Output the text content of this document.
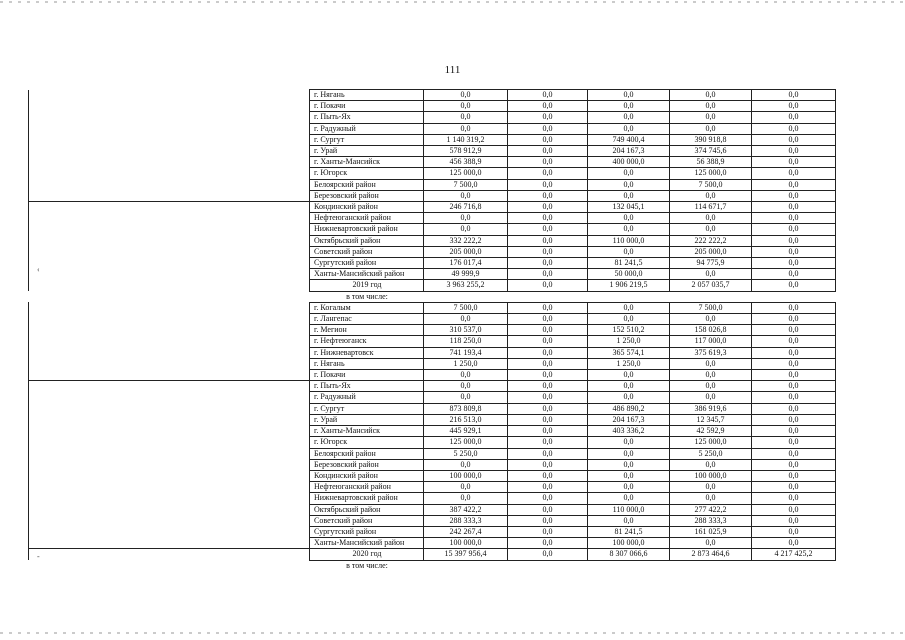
111
	г. Нягань	0,0	0,0	0,0	0,0	0,0
	г. Покачи	0,0	0,0	0,0	0,0	0,0
	г. Пыть-Ях	0,0	0,0	0,0	0,0	0,0
	г. Радужный	0,0	0,0	0,0	0,0	0,0
	г. Сургут	1 140 319,2	0,0	749 400,4	390 918,8	0,0
	г. Урай	578 912,9	0,0	204 167,3	374 745,6	0,0
	г. Ханты-Мансийск	456 388,9	0,0	400 000,0	56 388,9	0,0
	г. Югорск	125 000,0	0,0	0,0	125 000,0	0,0
	Белоярский район	7 500,0	0,0	0,0	7 500,0	0,0
	Березовский район	0,0	0,0	0,0	0,0	0,0
	Кондинский район	246 716,8	0,0	132 045,1	114 671,7	0,0
	Нефтеюганский район	0,0	0,0	0,0	0,0	0,0
	Нижневартовский район	0,0	0,0	0,0	0,0	0,0
	Октябрьский район	332 222,2	0,0	110 000,0	222 222,2	0,0
	Советский район	205 000,0	0,0	0,0	205 000,0	0,0
	Сургутский район	176 017,4	0,0	81 241,5	94 775,9	0,0
	Ханты-Мансийский район	49 999,9	0,0	50 000,0	0,0	0,0
	2019 год	3 963 255,2	0,0	1 906 219,5	2 057 035,7	0,0
	в том числе:					
	г. Когалым	7 500,0	0,0	0,0	7 500,0	0,0
	г. Лангепас	0,0	0,0	0,0	0,0	0,0
	г. Мегион	310 537,0	0,0	152 510,2	158 026,8	0,0
	г. Нефтеюганск	118 250,0	0,0	1 250,0	117 000,0	0,0
	г. Нижневартовск	741 193,4	0,0	365 574,1	375 619,3	0,0
	г. Нягань	1 250,0	0,0	1 250,0	0,0	0,0
	г. Покачи	0,0	0,0	0,0	0,0	0,0
	г. Пыть-Ях	0,0	0,0	0,0	0,0	0,0
	г. Радужный	0,0	0,0	0,0	0,0	0,0
	г. Сургут	873 809,8	0,0	486 890,2	386 919,6	0,0
	г. Урай	216 513,0	0,0	204 167,3	12 345,7	0,0
	г. Ханты-Мансийск	445 929,1	0,0	403 336,2	42 592,9	0,0
	г. Югорск	125 000,0	0,0	0,0	125 000,0	0,0
	Белоярский район	5 250,0	0,0	0,0	5 250,0	0,0
	Березовский район	0,0	0,0	0,0	0,0	0,0
	Кондинский район	100 000,0	0,0	0,0	100 000,0	0,0
	Нефтеюганский район	0,0	0,0	0,0	0,0	0,0
	Нижневартовский район	0,0	0,0	0,0	0,0	0,0
	Октябрьский район	387 422,2	0,0	110 000,0	277 422,2	0,0
	Советский район	288 333,3	0,0	0,0	288 333,3	0,0
	Сургутский район	242 267,4	0,0	81 241,5	161 025,9	0,0
	Ханты-Мансийский район	100 000,0	0,0	100 000,0	0,0	0,0
	2020 год	15 397 956,4	0,0	8 307 066,6	2 873 464,6	4 217 425,2
	в том числе:					
‹
-
